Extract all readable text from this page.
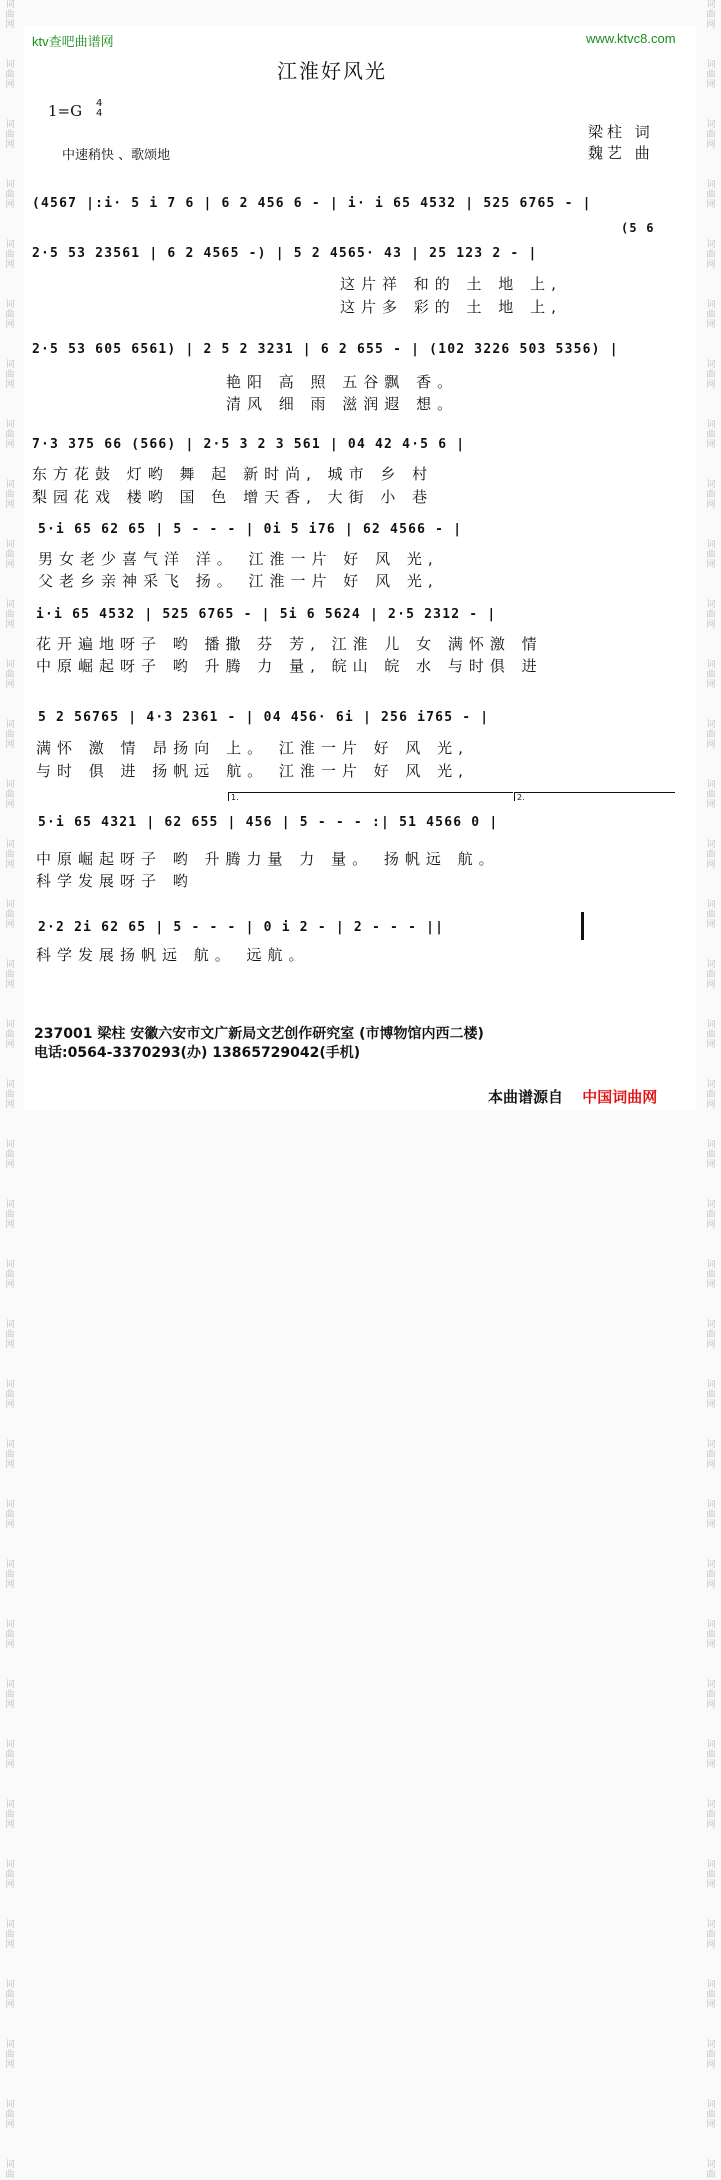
词
曲
网
词
曲
网
词
曲
网
词
曲
网
词
曲
网
词
曲
网
词
曲
网
词
曲
网
词
曲
网
词
曲
网
词
曲
网
词
曲
网
词
曲
网
词
曲
网
词
曲
网
词
曲
网
词
曲
网
词
曲
网
词
曲
网
词
曲
网
词
曲
网
词
曲
网
词
曲
网
词
曲
网
词
曲
网
词
曲
网
词
曲
网
词
曲
网
词
曲
网
词
曲
网
词
曲
网
词
曲
网
词
曲
网
词
曲
网
词
曲
网
词
曲
网
词
曲
词
曲
网
词
曲
网
词
曲
网
词
曲
网
词
曲
网
词
曲
网
词
曲
网
词
曲
网
词
曲
网
词
曲
网
词
曲
网
词
曲
网
词
曲
网
词
曲
网
词
曲
网
词
曲
网
词
曲
网
词
曲
网
词
曲
网
词
曲
网
词
曲
网
词
曲
网
词
曲
网
词
曲
网
词
曲
网
词
曲
网
词
曲
网
词
曲
网
词
曲
网
词
曲
网
词
曲
网
词
曲
网
词
曲
网
词
曲
网
词
曲
网
词
曲
网
词
曲
ktv查吧曲谱网	www.ktvc8.com
江淮好风光
1=G 4
4
中速稍快 、歌颂地
梁柱 词
魏艺 曲
(4567 |:i· 5 i 7 6 | 6 2 456 6 - | i· i 65 4532 | 525 6765 - |
2·5 53 23561 | 6 2 4565 -) | 5 2 4565· 43 | 25 123 2 - |
(5 6
这片祥 和的 土 地 上,
这片多 彩的 土 地 上,
2·5 53 605 6561) | 2 5 2 3231 | 6 2 655 - | (102 3226 503 5356) |
艳阳 高 照 五谷飘 香。
清风 细 雨 滋润遐 想。
7·3 375 66 (566) | 2·5 3 2 3 561 | 04 42 4·5 6 |
东方花鼓 灯哟 舞 起 新时尚, 城市 乡 村
梨园花戏 楼哟 国 色 增天香, 大街 小 巷
5·i 65 62 65 | 5 - - - | 0i 5 i76 | 62 4566 - |
男女老少喜气洋 洋。 江淮一片 好 风 光,
父老乡亲神采飞 扬。 江淮一片 好 风 光,
i·i 65 4532 | 525 6765 - | 5i 6 5624 | 2·5 2312 - |
花开遍地呀子 哟 播撒 芬 芳, 江淮 儿 女 满怀激 情
中原崛起呀子 哟 升腾 力 量, 皖山 皖 水 与时俱 进
5 2 56765 | 4·3 2361 - | 04 456· 6i | 256 i765 - |
满怀 激 情 昂扬向 上。 江淮一片 好 风 光,
与时 俱 进 扬帆远 航。 江淮一片 好 风 光,
1.	2.
5·i 65 4321 | 62 655 | 456 | 5 - - - :| 51 4566 0 |
中原崛起呀子 哟 升腾力量 力 量。 扬帆远 航。
科学发展呀子 哟
2·2 2i 62 65 | 5 - - - | 0 i 2 - | 2 - - - ||
科学发展扬帆远 航。 远航。
237001 梁柱 安徽六安市文广新局文艺创作研究室 (市博物馆内西二楼)
电话:0564-3370293(办) 13865729042(手机)
本曲谱源自 中国词曲网
